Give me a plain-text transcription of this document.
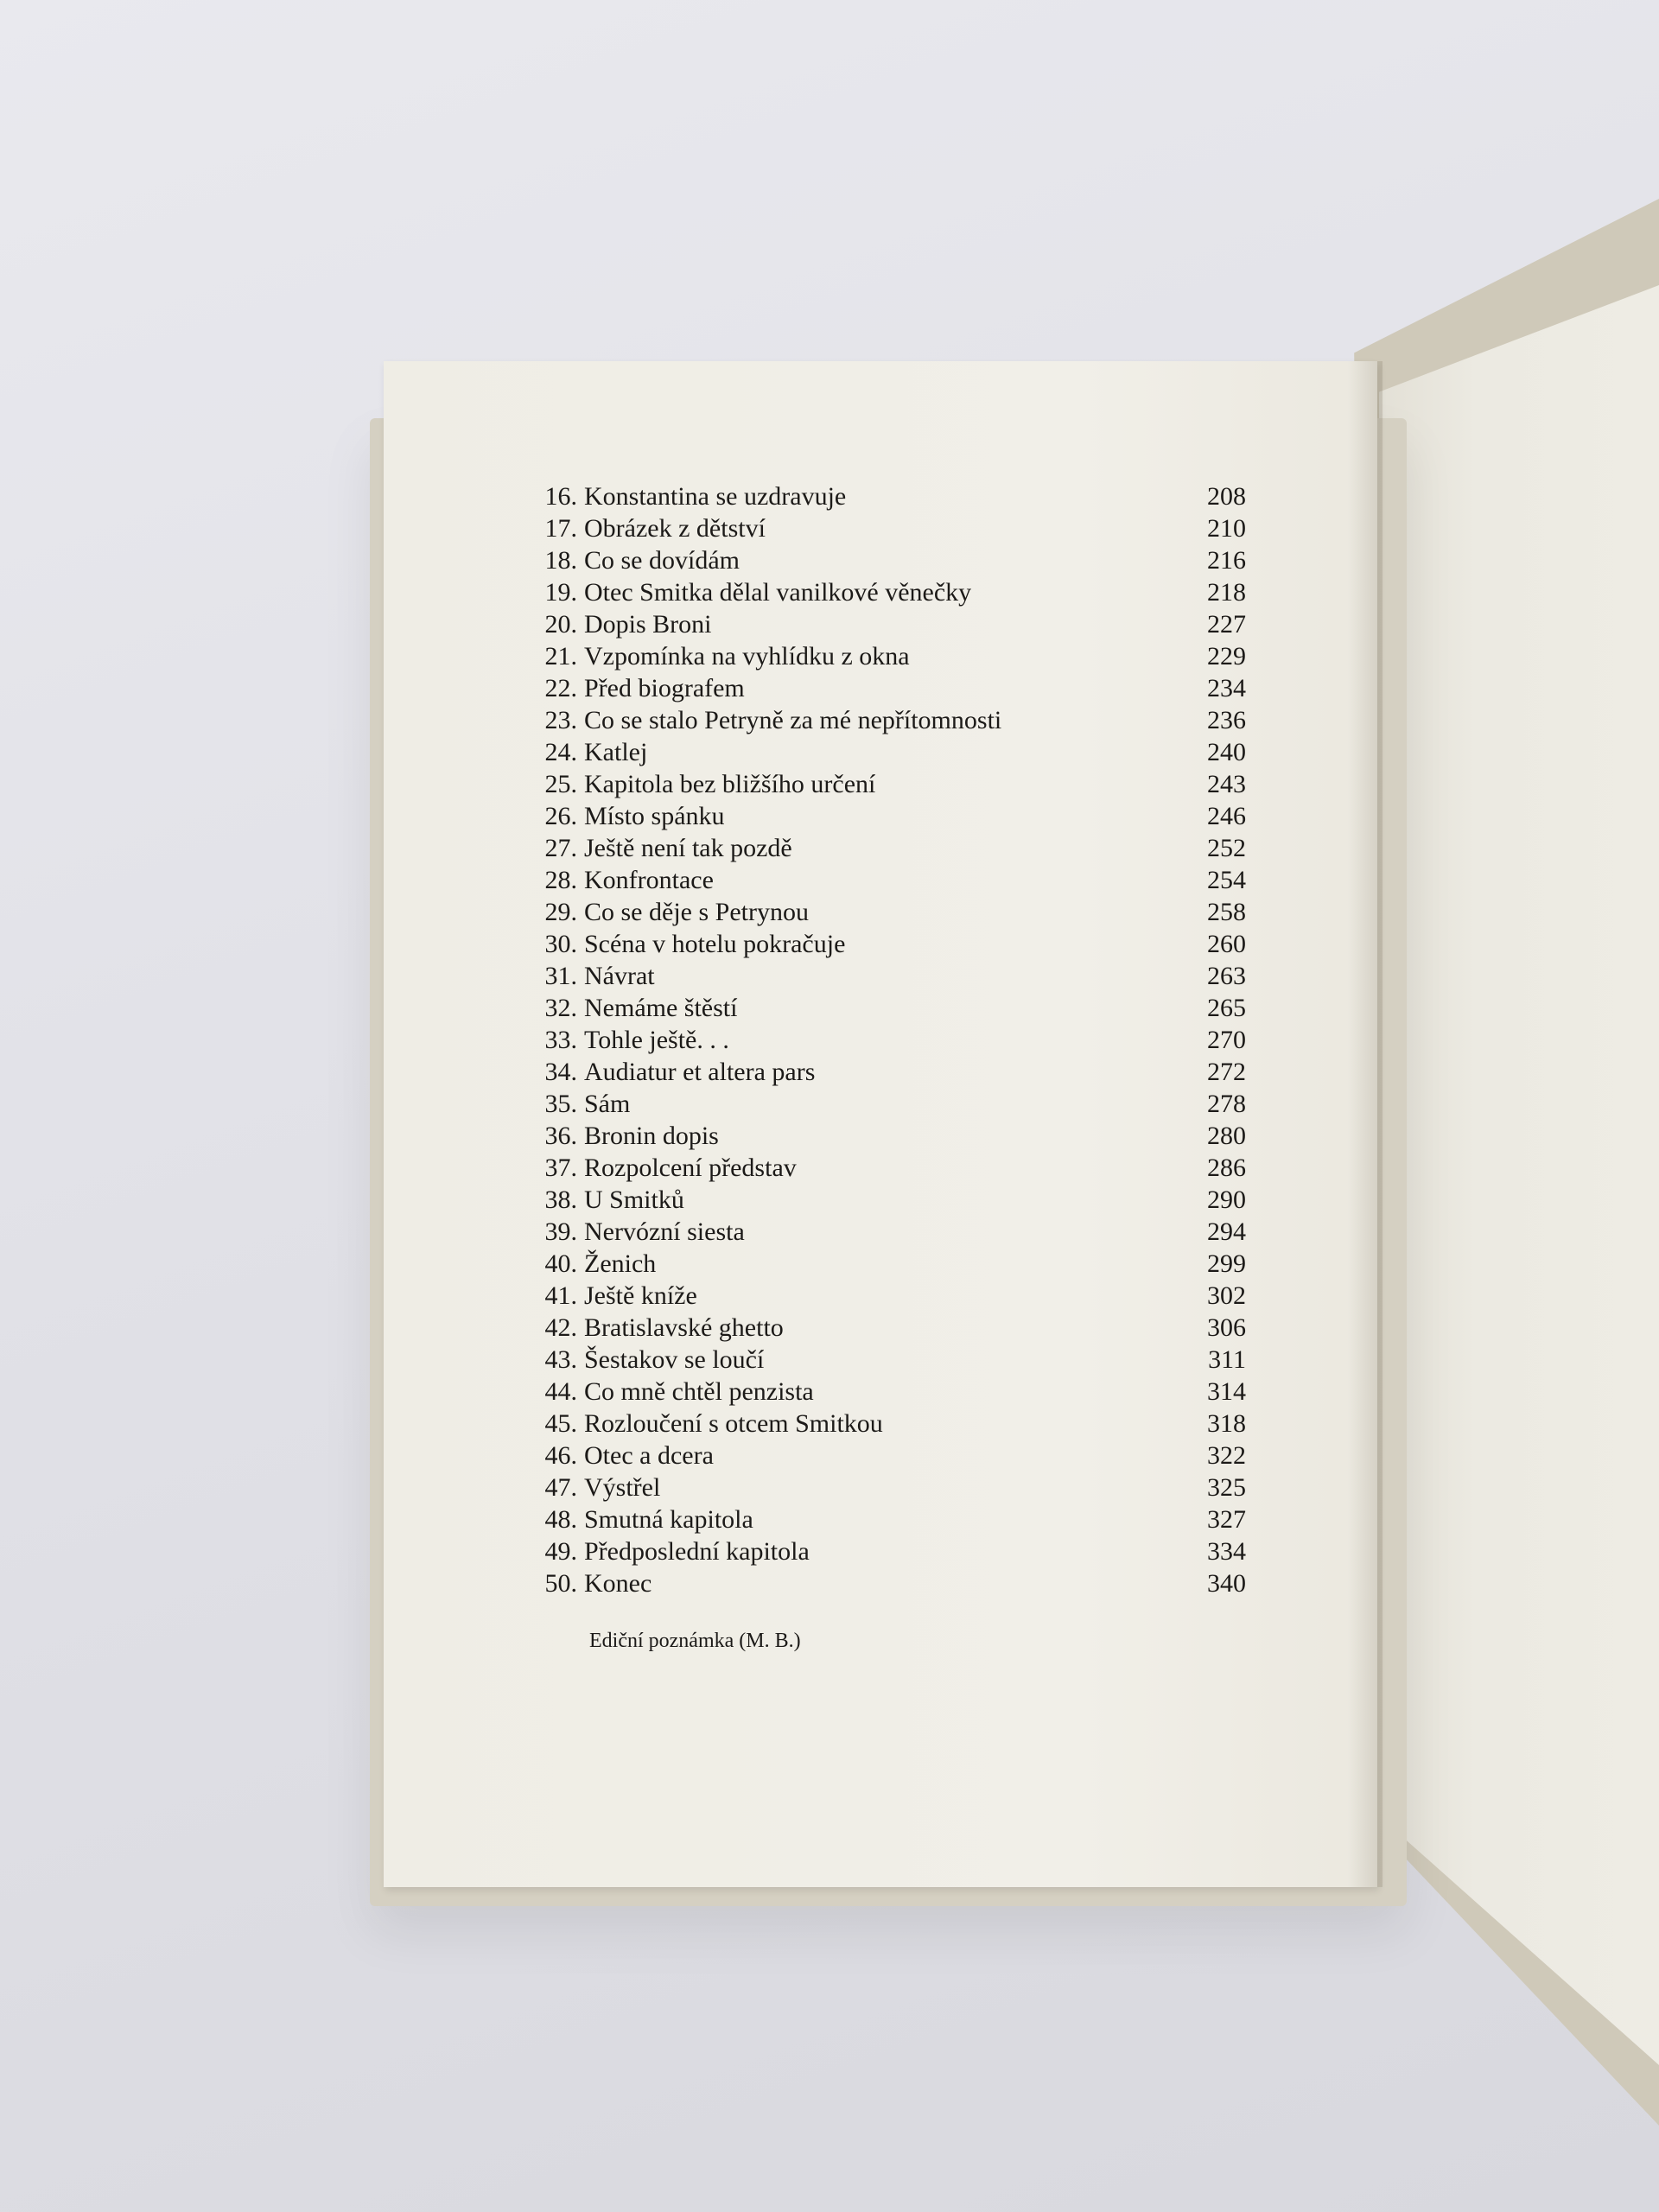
16. Konstantina se uzdravuje	208
17. Obrázek z dětství	210
18. Co se dovídám	216
19. Otec Smitka dělal vanilkové věnečky	218
20. Dopis Broni	227
21. Vzpomínka na vyhlídku z okna	229
22. Před biografem	234
23. Co se stalo Petryně za mé nepřítomnosti	236
24. Katlej	240
25. Kapitola bez bližšího určení	243
26. Místo spánku	246
27. Ještě není tak pozdě	252
28. Konfrontace	254
29. Co se děje s Petrynou	258
30. Scéna v hotelu pokračuje	260
31. Návrat	263
32. Nemáme štěstí	265
33. Tohle ještě. . .	270
34. Audiatur et altera pars	272
35. Sám	278
36. Bronin dopis	280
37. Rozpolcení představ	286
38. U Smitků	290
39. Nervózní siesta	294
40. Ženich	299
41. Ještě kníže	302
42. Bratislavské ghetto	306
43. Šestakov se loučí	311
44. Co mně chtěl penzista	314
45. Rozloučení s otcem Smitkou	318
46. Otec a dcera	322
47. Výstřel	325
48. Smutná kapitola	327
49. Předposlední kapitola	334
50. Konec	340
Ediční poznámka (M. B.)
